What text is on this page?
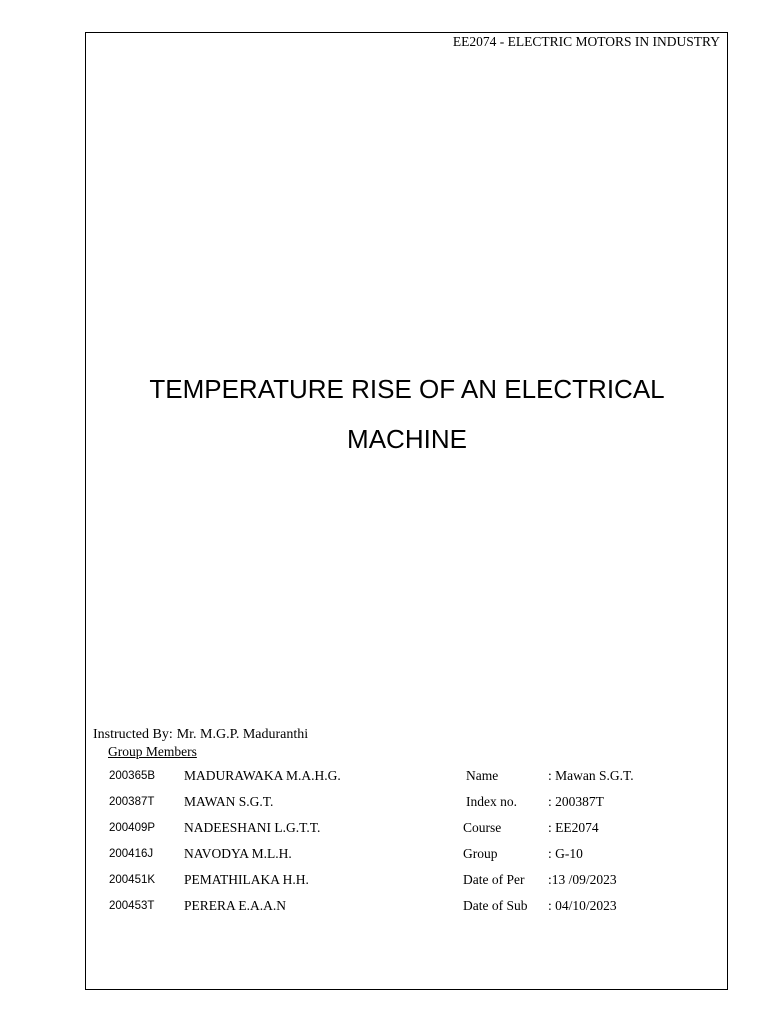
EE2074 - ELECTRIC MOTORS IN INDUSTRY
TEMPERATURE RISE OF AN ELECTRICAL
MACHINE
Instructed By: Mr. M.G.P. Maduranthi
Group Members
200365B MADURAWAKA M.A.H.G.
200387T MAWAN S.G.T.
200409P NADEESHANI L.G.T.T.
200416J NAVODYA M.L.H.
200451K PEMATHILAKA H.H.
200453T PERERA E.A.A.N
Name	: Mawan S.G.T.
Index no. : 200387T
Course	: EE2074
Group	: G-10
Date of Per :13 /09/2023
Date of Sub : 04/10/2023
